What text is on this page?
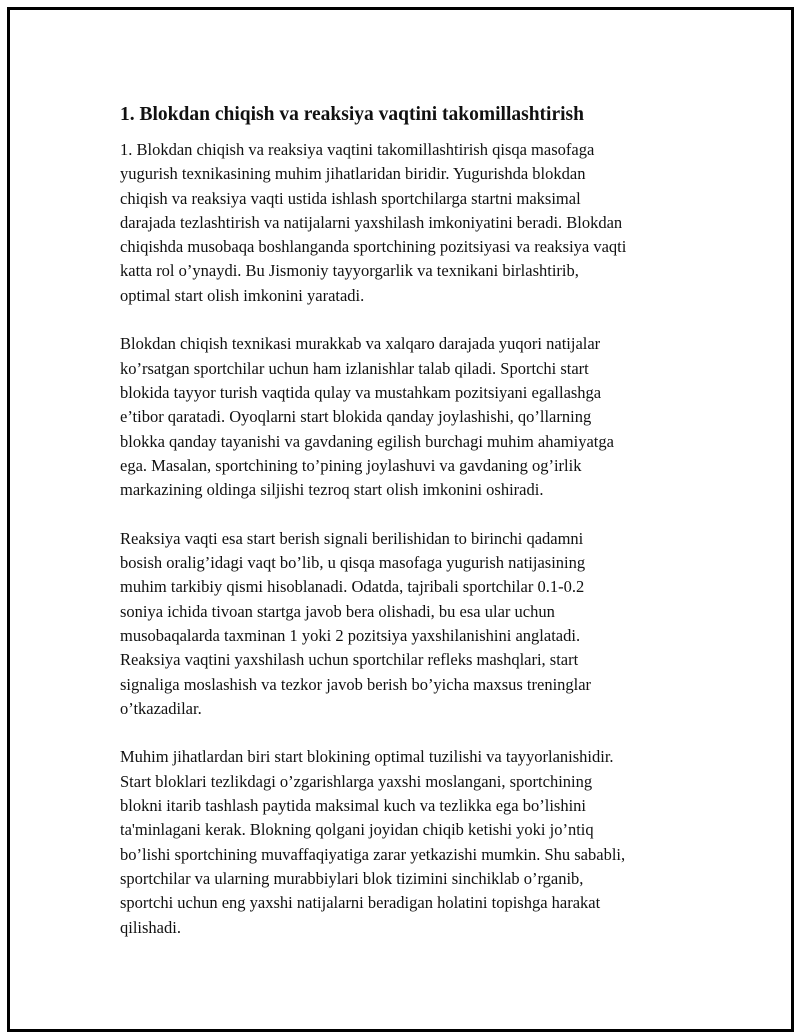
1. Blokdan chiqish va reaksiya vaqtini takomillashtirish
1. Blokdan chiqish va reaksiya vaqtini takomillashtirish qisqa masofaga
yugurish texnikasining muhim jihatlaridan biridir. Yugurishda blokdan
chiqish va reaksiya vaqti ustida ishlash sportchilarga startni maksimal
darajada tezlashtirish va natijalarni yaxshilash imkoniyatini beradi. Blokdan
chiqishda musobaqa boshlanganda sportchining pozitsiyasi va reaksiya vaqti
katta rol o’ynaydi. Bu Jismoniy tayyorgarlik va texnikani birlashtirib,
optimal start olish imkonini yaratadi.
Blokdan chiqish texnikasi murakkab va xalqaro darajada yuqori natijalar
ko’rsatgan sportchilar uchun ham izlanishlar talab qiladi. Sportchi start
blokida tayyor turish vaqtida qulay va mustahkam pozitsiyani egallashga
e’tibor qaratadi. Oyoqlarni start blokida qanday joylashishi, qo’llarning
blokka qanday tayanishi va gavdaning egilish burchagi muhim ahamiyatga
ega. Masalan, sportchining to’pining joylashuvi va gavdaning og’irlik
markazining oldinga siljishi tezroq start olish imkonini oshiradi.
Reaksiya vaqti esa start berish signali berilishidan to birinchi qadamni
bosish oralig’idagi vaqt bo’lib, u qisqa masofaga yugurish natijasining
muhim tarkibiy qismi hisoblanadi. Odatda, tajribali sportchilar 0.1-0.2
soniya ichida tivoan startga javob bera olishadi, bu esa ular uchun
musobaqalarda taxminan 1 yoki 2 pozitsiya yaxshilanishini anglatadi.
Reaksiya vaqtini yaxshilash uchun sportchilar refleks mashqlari, start
signaliga moslashish va tezkor javob berish bo’yicha maxsus treninglar
o’tkazadilar.
Muhim jihatlardan biri start blokining optimal tuzilishi va tayyorlanishidir.
Start bloklari tezlikdagi o’zgarishlarga yaxshi moslangani, sportchining
blokni itarib tashlash paytida maksimal kuch va tezlikka ega bo’lishini
ta'minlagani kerak. Blokning qolgani joyidan chiqib ketishi yoki jo’ntiq
bo’lishi sportchining muvaffaqiyatiga zarar yetkazishi mumkin. Shu sababli,
sportchilar va ularning murabbiylari blok tizimini sinchiklab o’rganib,
sportchi uchun eng yaxshi natijalarni beradigan holatini topishga harakat
qilishadi.
